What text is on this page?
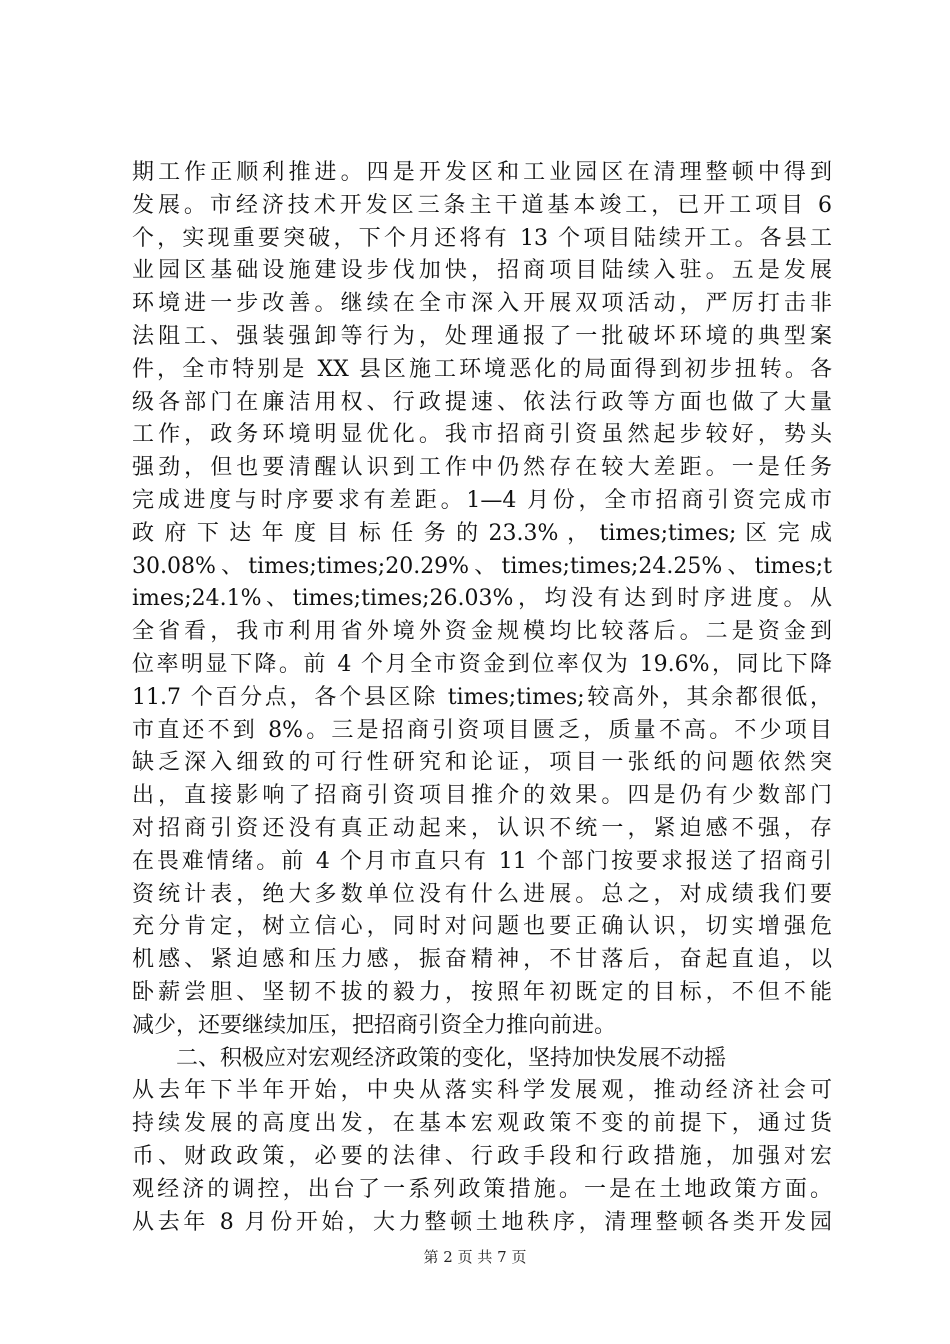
期工作正顺利推进。四是开发区和工业园区在清理整顿中得到
发展。市经济技术开发区三条主干道基本竣工，已开工项目 6
个，实现重要突破，下个月还将有 13 个项目陆续开工。各县工
业园区基础设施建设步伐加快，招商项目陆续入驻。五是发展
环境进一步改善。继续在全市深入开展双项活动，严厉打击非
法阻工、强装强卸等行为，处理通报了一批破坏环境的典型案
件，全市特别是 XX 县区施工环境恶化的局面得到初步扭转。各
级各部门在廉洁用权、行政提速、依法行政等方面也做了大量
工作，政务环境明显优化。我市招商引资虽然起步较好，势头
强劲，但也要清醒认识到工作中仍然存在较大差距。一是任务
完成进度与时序要求有差距。1—4 月份，全市招商引资完成市
政 府 下 达 年 度 目 标 任 务 的 23.3% ， times;times; 区 完 成
30.08%、times;times;20.29%、times;times;24.25%、times;t
imes;24.1%、times;times;26.03%，均没有达到时序进度。从
全省看，我市利用省外境外资金规模均比较落后。二是资金到
位率明显下降。前 4 个月全市资金到位率仅为 19.6%，同比下降
11.7 个百分点，各个县区除 times;times;较高外，其余都很低，
市直还不到 8%。三是招商引资项目匮乏，质量不高。不少项目
缺乏深入细致的可行性研究和论证，项目一张纸的问题依然突
出，直接影响了招商引资项目推介的效果。四是仍有少数部门
对招商引资还没有真正动起来，认识不统一，紧迫感不强，存
在畏难情绪。前 4 个月市直只有 11 个部门按要求报送了招商引
资统计表，绝大多数单位没有什么进展。总之，对成绩我们要
充分肯定，树立信心，同时对问题也要正确认识，切实增强危
机感、紧迫感和压力感，振奋精神，不甘落后，奋起直追，以
卧薪尝胆、坚韧不拔的毅力，按照年初既定的目标，不但不能
减少，还要继续加压，把招商引资全力推向前进。
二、积极应对宏观经济政策的变化，坚持加快发展不动摇
从去年下半年开始，中央从落实科学发展观，推动经济社会可
持续发展的高度出发，在基本宏观政策不变的前提下，通过货
币、财政政策，必要的法律、行政手段和行政措施，加强对宏
观经济的调控，出台了一系列政策措施。一是在土地政策方面。
从去年 8 月份开始，大力整顿土地秩序，清理整顿各类开发园
第 2 页 共 7 页
